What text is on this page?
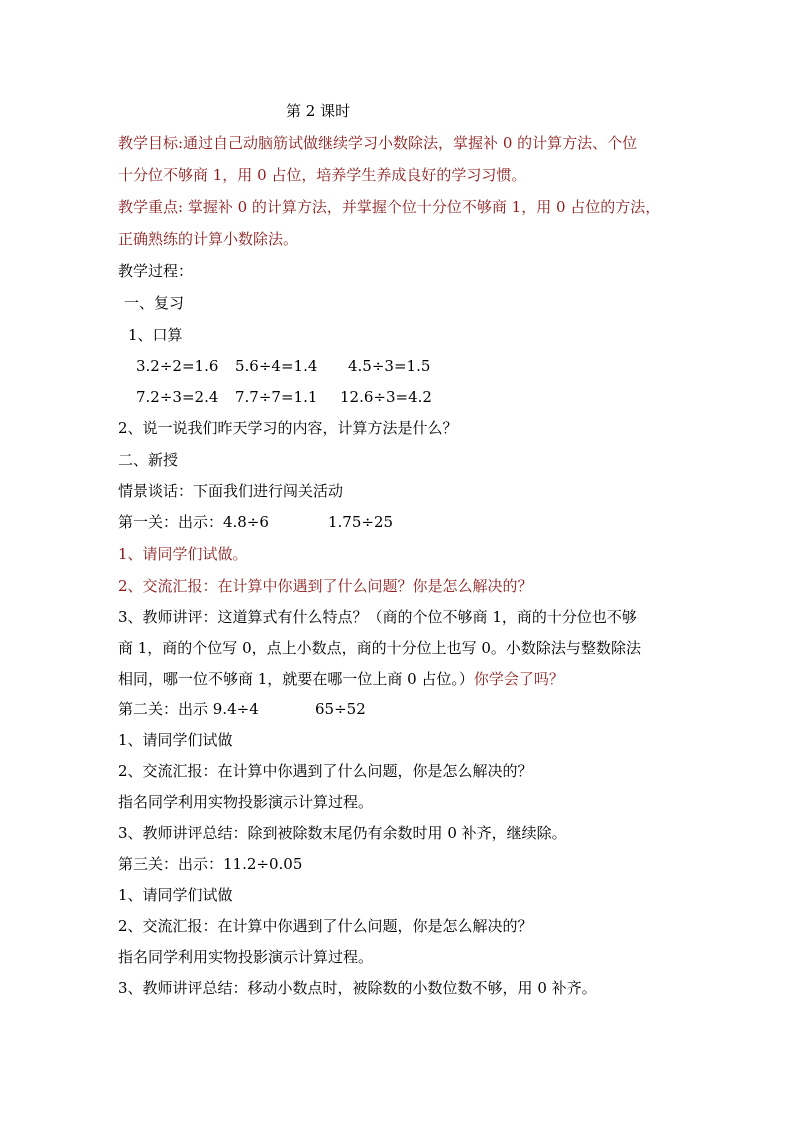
第 2 课时
教学目标:通过自己动脑筋试做继续学习小数除法，掌握补 0 的计算方法、个位
十分位不够商 1，用 0 占位，培养学生养成良好的学习习惯。
教学重点: 掌握补 0 的计算方法，并掌握个位十分位不够商 1，用 0 占位的方法，
正确熟练的计算小数除法。
教学过程：
一、复习
1、口算
3.2÷2=1.6 5.6÷4=1.4 4.5÷3=1.5
7.2÷3=2.4 7.7÷7=1.1 12.6÷3=4.2
2、说一说我们昨天学习的内容，计算方法是什么？
二、新授
情景谈话：下面我们进行闯关活动
第一关：出示：4.8÷6	1.75÷25
1、请同学们试做。
2、交流汇报：在计算中你遇到了什么问题？你是怎么解决的？
3、教师讲评：这道算式有什么特点？（商的个位不够商 1，商的十分位也不够
商 1，商的个位写 0，点上小数点，商的十分位上也写 0。小数除法与整数除法
相同，哪一位不够商 1，就要在哪一位上商 0 占位。）你学会了吗？
第二关：出示 9.4÷4	65÷52
1、请同学们试做
2、交流汇报：在计算中你遇到了什么问题，你是怎么解决的？
指名同学利用实物投影演示计算过程。
3、教师讲评总结：除到被除数末尾仍有余数时用 0 补齐，继续除。
第三关：出示：11.2÷0.05
1、请同学们试做
2、交流汇报：在计算中你遇到了什么问题，你是怎么解决的？
指名同学利用实物投影演示计算过程。
3、教师讲评总结：移动小数点时，被除数的小数位数不够，用 0 补齐。
